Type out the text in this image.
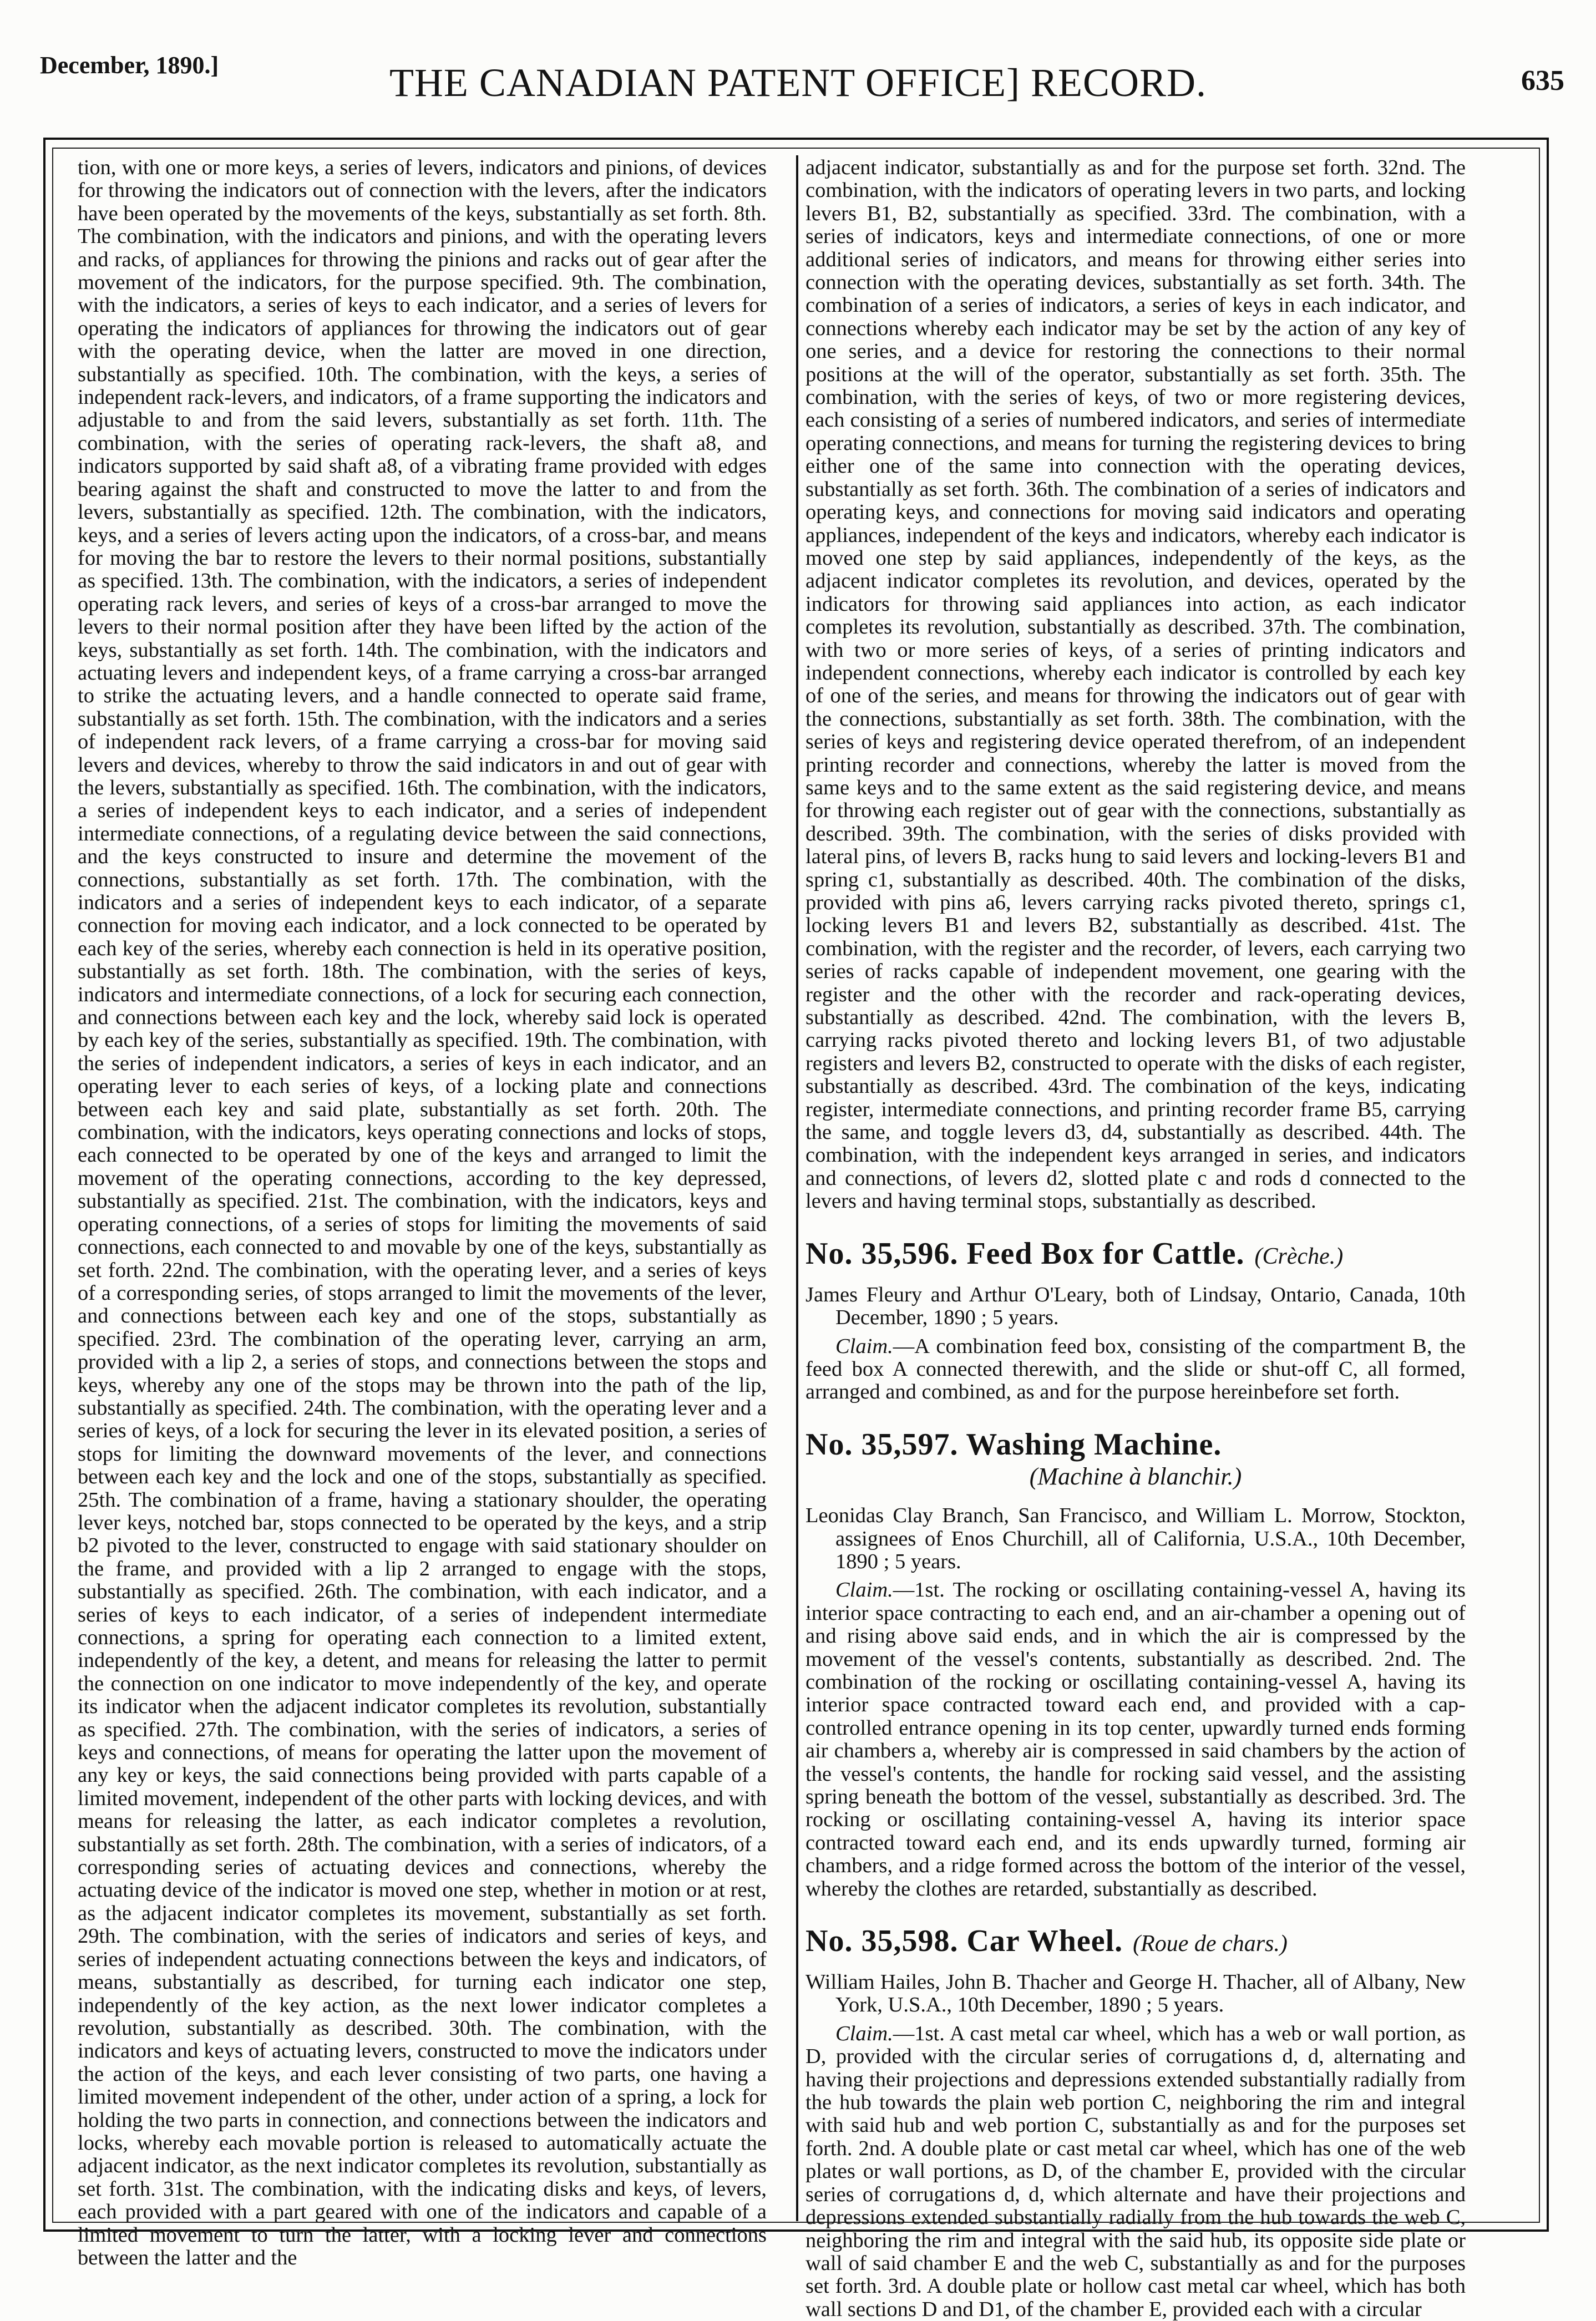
December, 1890.]	THE CANADIAN PATENT OFFICE] RECORD.	635

tion, with one or more keys, a series of levers, indicators and pinions, of devices for throwing the indicators out of connection with the levers, after the indicators have been operated by the movements of the keys, substantially as set forth. 8th. The combination, with the indicators and pinions, and with the operating levers and racks, of appliances for throwing the pinions and racks out of gear after the movement of the indicators, for the purpose specified. 9th. The combination, with the indicators, a series of keys to each indicator, and a series of levers for operating the indicators of appliances for throwing the indicators out of gear with the operating device, when the latter are moved in one direction, substantially as specified. 10th. The combination, with the keys, a series of independent rack-levers, and indicators, of a frame supporting the indicators and adjustable to and from the said levers, substantially as set forth. 11th. The combination, with the series of operating rack-levers, the shaft a8, and indicators supported by said shaft a8, of a vibrating frame provided with edges bearing against the shaft and constructed to move the latter to and from the levers, substantially as specified. 12th. The combination, with the indicators, keys, and a series of levers acting upon the indicators, of a cross-bar, and means for moving the bar to restore the levers to their normal positions, substantially as specified. 13th. The combination, with the indicators, a series of independent operating rack levers, and series of keys of a cross-bar arranged to move the levers to their normal position after they have been lifted by the action of the keys, substantially as set forth. 14th. The combination, with the indicators and actuating levers and independent keys, of a frame carrying a cross-bar arranged to strike the actuating levers, and a handle connected to operate said frame, substantially as set forth. 15th. The combination, with the indicators and a series of independent rack levers, of a frame carrying a cross-bar for moving said levers and devices, whereby to throw the said indicators in and out of gear with the levers, substantially as specified. 16th. The combination, with the indicators, a series of independent keys to each indicator, and a series of independent intermediate connections, of a regulating device between the said connections, and the keys constructed to insure and determine the movement of the connections, substantially as set forth. 17th. The combination, with the indicators and a series of independent keys to each indicator, of a separate connection for moving each indicator, and a lock connected to be operated by each key of the series, whereby each connection is held in its operative position, substantially as set forth. 18th. The combination, with the series of keys, indicators and intermediate connections, of a lock for securing each connection, and connections between each key and the lock, whereby said lock is operated by each key of the series, substantially as specified. 19th. The combination, with the series of independent indicators, a series of keys in each indicator, and an operating lever to each series of keys, of a locking plate and connections between each key and said plate, substantially as set forth. 20th. The combination, with the indicators, keys operating connections and locks of stops, each connected to be operated by one of the keys and arranged to limit the movement of the operating connections, according to the key depressed, substantially as specified. 21st. The combination, with the indicators, keys and operating connections, of a series of stops for limiting the movements of said connections, each connected to and movable by one of the keys, substantially as set forth. 22nd. The combination, with the operating lever, and a series of keys of a corresponding series, of stops arranged to limit the movements of the lever, and connections between each key and one of the stops, substantially as specified. 23rd. The combination of the operating lever, carrying an arm, provided with a lip 2, a series of stops, and connections between the stops and keys, whereby any one of the stops may be thrown into the path of the lip, substantially as specified. 24th. The combination, with the operating lever and a series of keys, of a lock for securing the lever in its elevated position, a series of stops for limiting the downward movements of the lever, and connections between each key and the lock and one of the stops, substantially as specified. 25th. The combination of a frame, having a stationary shoulder, the operating lever keys, notched bar, stops connected to be operated by the keys, and a strip b2 pivoted to the lever, constructed to engage with said stationary shoulder on the frame, and provided with a lip 2 arranged to engage with the stops, substantially as specified. 26th. The combination, with each indicator, and a series of keys to each indicator, of a series of independent intermediate connections, a spring for operating each connection to a limited extent, independently of the key, a detent, and means for releasing the latter to permit the connection on one indicator to move independently of the key, and operate its indicator when the adjacent indicator completes its revolution, substantially as specified. 27th. The combination, with the series of indicators, a series of keys and connections, of means for operating the latter upon the movement of any key or keys, the said connections being provided with parts capable of a limited movement, independent of the other parts with locking devices, and with means for releasing the latter, as each indicator completes a revolution, substantially as set forth. 28th. The combination, with a series of indicators, of a corresponding series of actuating devices and connections, whereby the actuating device of the indicator is moved one step, whether in motion or at rest, as the adjacent indicator completes its movement, substantially as set forth. 29th. The combination, with the series of indicators and series of keys, and series of independent actuating connections between the keys and indicators, of means, substantially as described, for turning each indicator one step, independently of the key action, as the next lower indicator completes a revolution, substantially as described. 30th. The combination, with the indicators and keys of actuating levers, constructed to move the indicators under the action of the keys, and each lever consisting of two parts, one having a limited movement independent of the other, under action of a spring, a lock for holding the two parts in connection, and connections between the indicators and locks, whereby each movable portion is released to automatically actuate the adjacent indicator, as the next indicator completes its revolution, substantially as set forth. 31st. The combination, with the indicating disks and keys, of levers, each provided with a part geared with one of the indicators and capable of a limited movement to turn the latter, with a locking lever and connections between the latter and the

adjacent indicator, substantially as and for the purpose set forth. 32nd. The combination, with the indicators of operating levers in two parts, and locking levers B1, B2, substantially as specified. 33rd. The combination, with a series of indicators, keys and intermediate connections, of one or more additional series of indicators, and means for throwing either series into connection with the operating devices, substantially as set forth. 34th. The combination of a series of indicators, a series of keys in each indicator, and connections whereby each indicator may be set by the action of any key of one series, and a device for restoring the connections to their normal positions at the will of the operator, substantially as set forth. 35th. The combination, with the series of keys, of two or more registering devices, each consisting of a series of numbered indicators, and series of intermediate operating connections, and means for turning the registering devices to bring either one of the same into connection with the operating devices, substantially as set forth. 36th. The combination of a series of indicators and operating keys, and connections for moving said indicators and operating appliances, independent of the keys and indicators, whereby each indicator is moved one step by said appliances, independently of the keys, as the adjacent indicator completes its revolution, and devices, operated by the indicators for throwing said appliances into action, as each indicator completes its revolution, substantially as described. 37th. The combination, with two or more series of keys, of a series of printing indicators and independent connections, whereby each indicator is controlled by each key of one of the series, and means for throwing the indicators out of gear with the connections, substantially as set forth. 38th. The combination, with the series of keys and registering device operated therefrom, of an independent printing recorder and connections, whereby the latter is moved from the same keys and to the same extent as the said registering device, and means for throwing each register out of gear with the connections, substantially as described. 39th. The combination, with the series of disks provided with lateral pins, of levers B, racks hung to said levers and locking-levers B1 and spring c1, substantially as described. 40th. The combination of the disks, provided with pins a6, levers carrying racks pivoted thereto, springs c1, locking levers B1 and levers B2, substantially as described. 41st. The combination, with the register and the recorder, of levers, each carrying two series of racks capable of independent movement, one gearing with the register and the other with the recorder and rack-operating devices, substantially as described. 42nd. The combination, with the levers B, carrying racks pivoted thereto and locking levers B1, of two adjustable registers and levers B2, constructed to operate with the disks of each register, substantially as described. 43rd. The combination of the keys, indicating register, intermediate connections, and printing recorder frame B5, carrying the same, and toggle levers d3, d4, substantially as described. 44th. The combination, with the independent keys arranged in series, and indicators and connections, of levers d2, slotted plate c and rods d connected to the levers and having terminal stops, substantially as described.

No. 35,596. Feed Box for Cattle. (Crèche.)

James Fleury and Arthur O'Leary, both of Lindsay, Ontario, Canada, 10th December, 1890 ; 5 years.

Claim.—A combination feed box, consisting of the compartment B, the feed box A connected therewith, and the slide or shut-off C, all formed, arranged and combined, as and for the purpose hereinbefore set forth.

No. 35,597. Washing Machine.
(Machine à blanchir.)

Leonidas Clay Branch, San Francisco, and William L. Morrow, Stockton, assignees of Enos Churchill, all of California, U.S.A., 10th December, 1890 ; 5 years.

Claim.—1st. The rocking or oscillating containing-vessel A, having its interior space contracting to each end, and an air-chamber a opening out of and rising above said ends, and in which the air is compressed by the movement of the vessel's contents, substantially as described. 2nd. The combination of the rocking or oscillating containing-vessel A, having its interior space contracted toward each end, and provided with a cap-controlled entrance opening in its top center, upwardly turned ends forming air chambers a, whereby air is compressed in said chambers by the action of the vessel's contents, the handle for rocking said vessel, and the assisting spring beneath the bottom of the vessel, substantially as described. 3rd. The rocking or oscillating containing-vessel A, having its interior space contracted toward each end, and its ends upwardly turned, forming air chambers, and a ridge formed across the bottom of the interior of the vessel, whereby the clothes are retarded, substantially as described.

No. 35,598. Car Wheel. (Roue de chars.)

William Hailes, John B. Thacher and George H. Thacher, all of Albany, New York, U.S.A., 10th December, 1890 ; 5 years.

Claim.—1st. A cast metal car wheel, which has a web or wall portion, as D, provided with the circular series of corrugations d, d, alternating and having their projections and depressions extended substantially radially from the hub towards the plain web portion C, neighboring the rim and integral with said hub and web portion C, substantially as and for the purposes set forth. 2nd. A double plate or cast metal car wheel, which has one of the web plates or wall portions, as D, of the chamber E, provided with the circular series of corrugations d, d, which alternate and have their projections and depressions extended substantially radially from the hub towards the web C, neighboring the rim and integral with the said hub, its opposite side plate or wall of said chamber E and the web C, substantially as and for the purposes set forth. 3rd. A double plate or hollow cast metal car wheel, which has both wall sections D and D1, of the chamber E, provided each with a circular
